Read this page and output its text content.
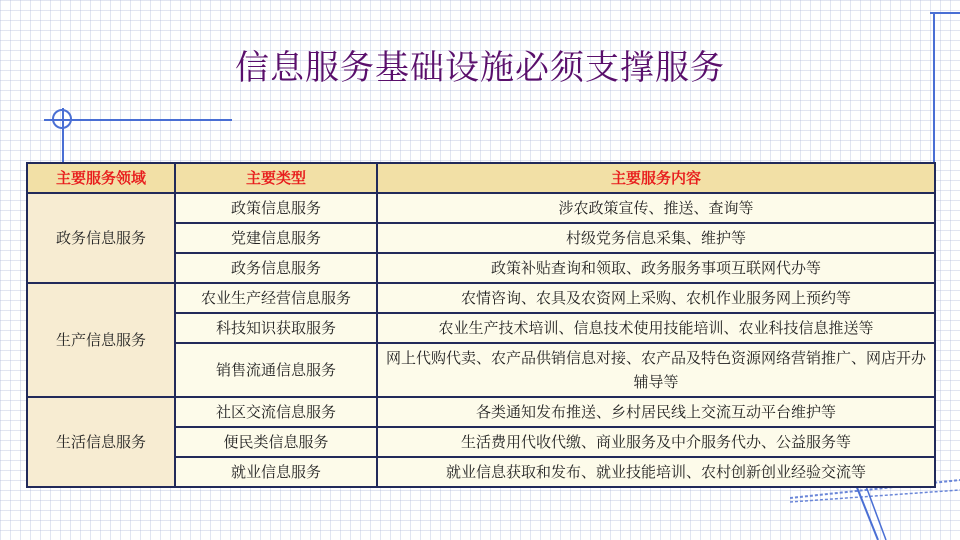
信息服务基础设施必须支撑服务
主要服务领域	主要类型	主要服务内容
政务信息服务	政策信息服务	涉农政策宣传、推送、查询等
	党建信息服务	村级党务信息采集、维护等
	政务信息服务	政策补贴查询和领取、政务服务事项互联网代办等
生产信息服务	农业生产经营信息服务	农情咨询、农具及农资网上采购、农机作业服务网上预约等
	科技知识获取服务	农业生产技术培训、信息技术使用技能培训、农业科技信息推送等
	销售流通信息服务	网上代购代卖、农产品供销信息对接、农产品及特色资源网络营销推广、网店开办辅导等
生活信息服务	社区交流信息服务	各类通知发布推送、乡村居民线上交流互动平台维护等
	便民类信息服务	生活费用代收代缴、商业服务及中介服务代办、公益服务等
	就业信息服务	就业信息获取和发布、就业技能培训、农村创新创业经验交流等
